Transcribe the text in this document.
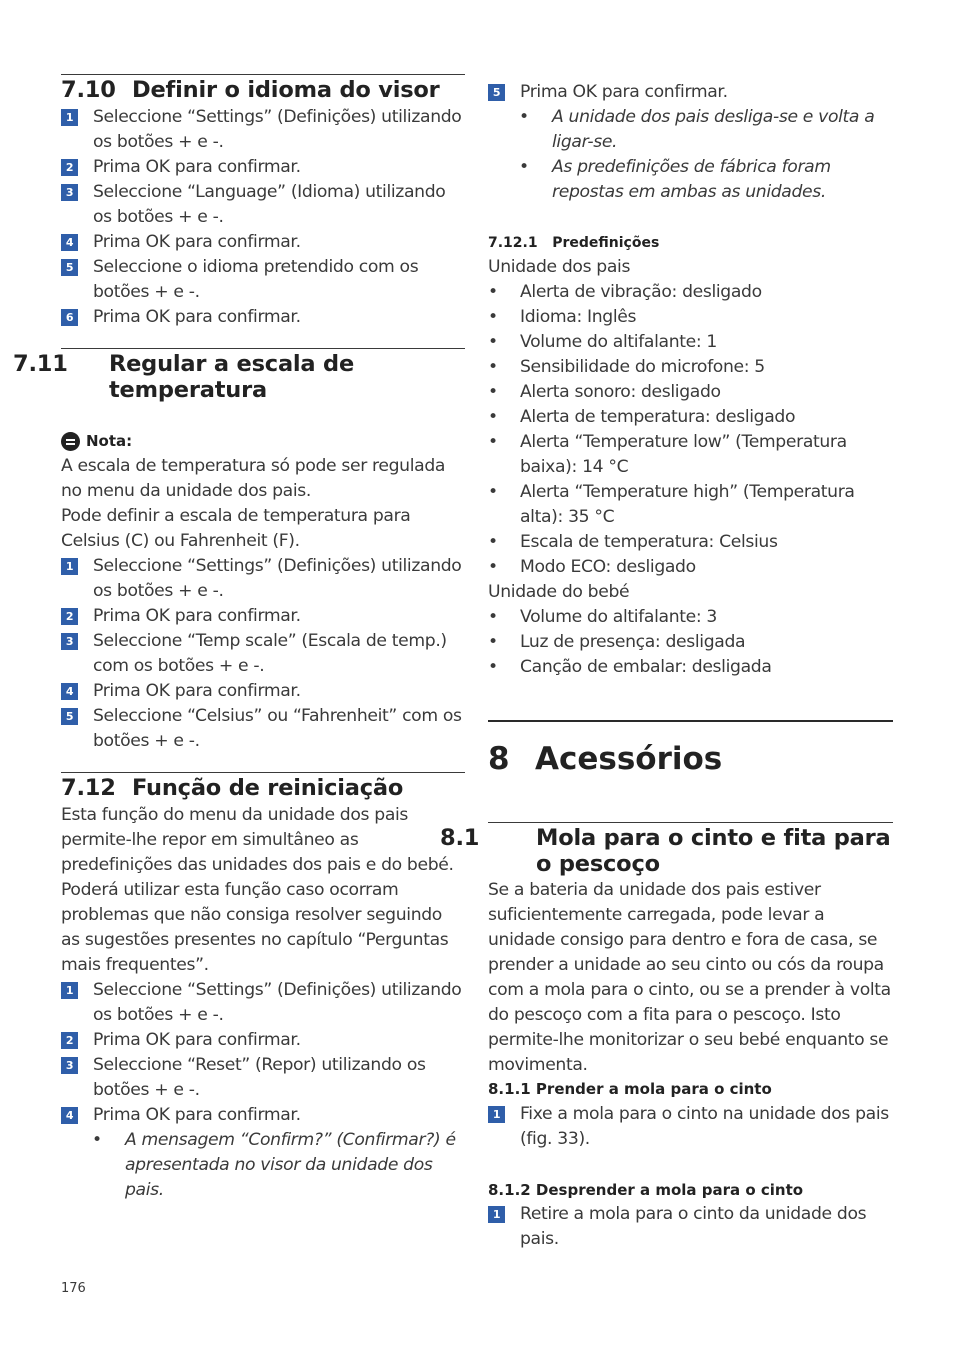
7.10 Definir o idioma do visor
1 Seleccione “Settings” (Definições) utilizando os botões + e -.
2 Prima OK para confirmar.
3 Seleccione “Language” (Idioma) utilizando os botões + e -.
4 Prima OK para confirmar.
5 Seleccione o idioma pretendido com os botões + e -.
6 Prima OK para confirmar.
7.11 Regular a escala de temperatura
Nota:
A escala de temperatura só pode ser regulada no menu da unidade dos pais.
Pode definir a escala de temperatura para Celsius (C) ou Fahrenheit (F).
1 Seleccione “Settings” (Definições) utilizando os botões + e -.
2 Prima OK para confirmar.
3 Seleccione “Temp scale” (Escala de temp.) com os botões + e -.
4 Prima OK para confirmar.
5 Seleccione “Celsius” ou “Fahrenheit” com os botões + e -.
7.12 Função de reiniciação
Esta função do menu da unidade dos pais permite-lhe repor em simultâneo as predefinições das unidades dos pais e do bebé. Poderá utilizar esta função caso ocorram problemas que não consiga resolver seguindo as sugestões presentes no capítulo “Perguntas mais frequentes”.
1 Seleccione “Settings” (Definições) utilizando os botões + e -.
2 Prima OK para confirmar.
3 Seleccione “Reset” (Repor) utilizando os botões + e -.
4 Prima OK para confirmar.
• A mensagem “Confirm?” (Confirmar?) é apresentada no visor da unidade dos pais.
176
5 Prima OK para confirmar.
• A unidade dos pais desliga-se e volta a ligar-se.
• As predefinições de fábrica foram repostas em ambas as unidades.
7.12.1 Predefinições
Unidade dos pais
• Alerta de vibração: desligado
• Idioma: Inglês
• Volume do altifalante: 1
• Sensibilidade do microfone: 5
• Alerta sonoro: desligado
• Alerta de temperatura: desligado
• Alerta “Temperature low” (Temperatura baixa): 14 °C
• Alerta “Temperature high” (Temperatura alta): 35 °C
• Escala de temperatura: Celsius
• Modo ECO: desligado
Unidade do bebé
• Volume do altifalante: 3
• Luz de presença: desligada
• Canção de embalar: desligada
8 Acessórios
8.1	Mola para o cinto e fita para o pescoço
Se a bateria da unidade dos pais estiver suficientemente carregada, pode levar a unidade consigo para dentro e fora de casa, se prender a unidade ao seu cinto ou cós da roupa com a mola para o cinto, ou se a prender à volta do pescoço com a fita para o pescoço. Isto permite-lhe monitorizar o seu bebé enquanto se movimenta.
8.1.1 Prender a mola para o cinto
1 Fixe a mola para o cinto na unidade dos pais (fig. 33).
8.1.2 Desprender a mola para o cinto
1 Retire a mola para o cinto da unidade dos pais.
